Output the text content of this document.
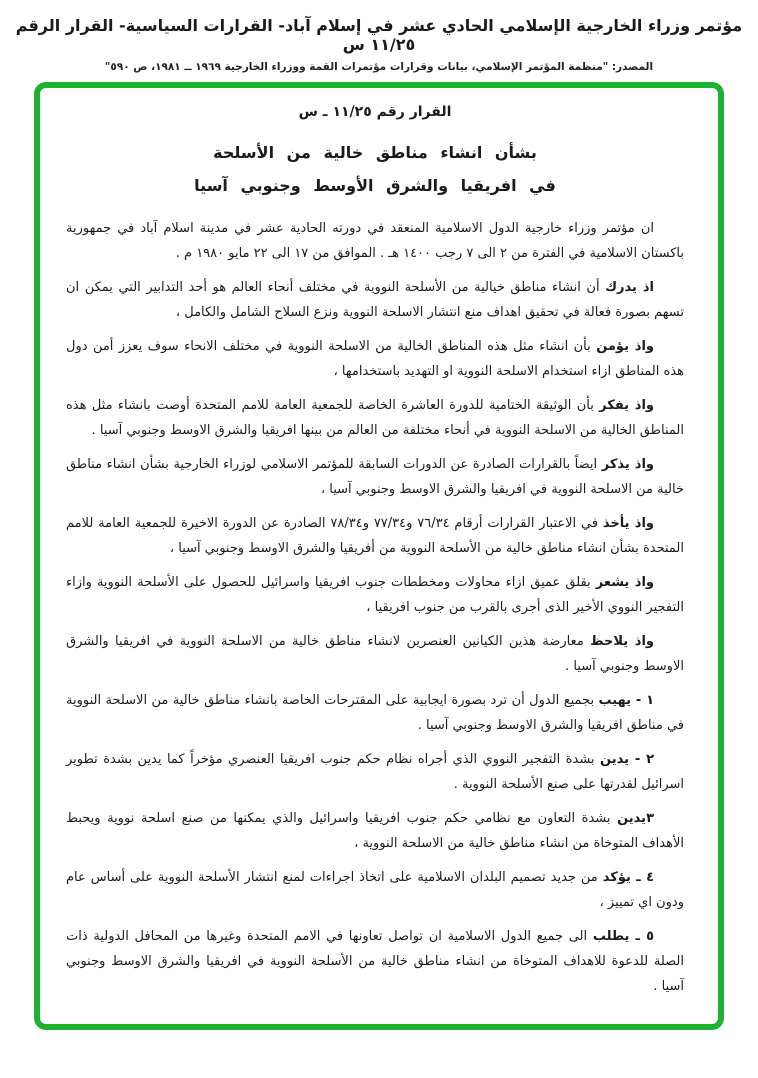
مؤتمر وزراء الخارجية الإسلامي الحادي عشر في إسلام آباد- القرارات السياسية- القرار الرقم ١١/٢٥ س
المصدر: "منظمة المؤتمر الإسلامي، بيانات وقرارات مؤتمرات القمة ووزراء الخارجية ١٩٦٩ ــ ١٩٨١، ص ٥٩٠"
القرار رقم ١١/٢٥ ـ س
بشأن انشاء مناطق خالية من الأسلحة
في افريقيا والشرق الأوسط وجنوبي آسيا

ان مؤتمر وزراء خارجية الدول الاسلامية المنعقد في دورته الحادية عشر في مدينة اسلام آباد في جمهورية باكستان الاسلامية في الفترة من ٢ الى ٧ رجب ١٤٠٠ هـ . الموافق من ١٧ الى ٢٢ مايو ١٩٨٠ م .

اذ يدرك أن انشاء مناطق خيالية من الأسلحة النووية في مختلف أنحاء العالم هو أحد التدابير التي يمكن ان تسهم بصورة فعالة في تحقيق اهداف منع انتشار الاسلحة النووية ونزع السلاح الشامل والكامل ،

واذ يؤمن بأن انشاء مثل هذه المناطق الخالية من الاسلحة النووية في مختلف الانحاء سوف يعزز أمن دول هذه المناطق ازاء استخدام الاسلحة النووية او التهديد باستخدامها ،

واذ يفكر بأن الوثيقة الختامية للدورة العاشرة الخاصة للجمعية العامة للامم المتحدة أوصت بانشاء مثل هذه المناطق الخالية من الاسلحة النووية في أنحاء مختلفة من العالم من بينها افريقيا والشرق الاوسط وجنوبي آسيا .

واذ يذكر ايضاً بالقرارات الصادرة عن الدورات السابقة للمؤتمر الاسلامي لوزراء الخارجية بشأن انشاء مناطق خالية من الاسلحة النووية في افريقيا والشرق الاوسط وجنوبي آسيا ،

واذ يأخذ في الاعتبار القرارات أرقام ٧٦/٣٤ و٧٧/٣٤ و٧٨/٣٤ الصادرة عن الدورة الاخيرة للجمعية العامة للامم المتحدة بشأن انشاء مناطق خالية من الأسلحة النووية من أفريقيا والشرق الاوسط وجنوبي آسيا ،

واذ يشعر بقلق عميق ازاء محاولات ومخططات جنوب افريقيا واسرائيل للحصول على الأسلحة النووية وازاء التفجير النووي الأخير الذى أجرى بالقرب من جنوب افريقيا ،

واذ يلاحظ معارضة هذين الكيانين العنصرين لانشاء مناطق خالية من الاسلحة النووية في افريقيا والشرق الاوسط وجنوبي آسيا .

١ - يهيب بجميع الدول أن ترد بصورة ايجابية على المقترحات الخاصة بانشاء مناطق خالية من الاسلحة النووية في مناطق افريقيا والشرق الاوسط وجنوبي آسيا .

٢ - يدين بشدة التفجير النووي الذي أجراه نظام حكم جنوب افريقيا العنصري مؤخراً كما يدين بشدة تطوير اسرائيل لقدرتها على صنع الأسلحة النووية .

٣يدين بشدة التعاون مع نظامي حكم جنوب افريقيا واسرائيل والذي يمكنها من صنع اسلحة نووية ويحبط الأهداف المتوخاة من انشاء مناطق خالية من الاسلحة النووية ،

٤ ـ يؤكد من جديد تصميم البلدان الاسلامية على اتخاذ اجراءات لمنع انتشار الأسلحة النووية على أساس عام ودون اي تمييز ،

٥ ـ يطلب الى جميع الدول الاسلامية ان تواصل تعاونها في الامم المتحدة وغيرها من المحافل الدولية ذات الصلة للدعوة للاهداف المتوخاة من انشاء مناطق خالية من الأسلحة النووية في افريقيا والشرق الاوسط وجنوبي آسيا .
